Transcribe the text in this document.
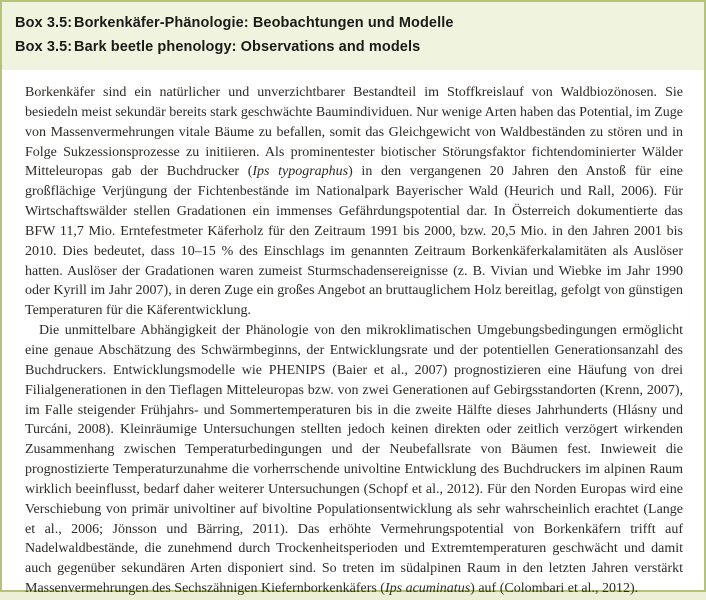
Box 3.5: Borkenkäfer-Phänologie: Beobachtungen und Modelle
Box 3.5: Bark beetle phenology: Observations and models

Borkenkäfer sind ein natürlicher und unverzichtbarer Bestandteil im Stoffkreislauf von Waldbiozönosen. Sie besiedeln meist sekundär bereits stark geschwächte Baumindividuen. Nur wenige Arten haben das Potential, im Zuge von Massenvermehrungen vitale Bäume zu befallen, somit das Gleichgewicht von Waldbeständen zu stören und in Folge Sukzessionsprozesse zu initiieren. Als prominentester biotischer Störungsfaktor fichtendominierter Wälder Mitteleuropas gab der Buchdrucker (Ips typographus) in den vergangenen 20 Jahren den Anstoß für eine großflächige Verjüngung der Fichtenbestände im Nationalpark Bayerischer Wald (Heurich und Rall, 2006). Für Wirtschaftswälder stellen Gradationen ein immenses Gefährdungspotential dar. In Österreich dokumentierte das BFW 11,7 Mio. Erntefestmeter Käferholz für den Zeitraum 1991 bis 2000, bzw. 20,5 Mio. in den Jahren 2001 bis 2010. Dies bedeutet, dass 10–15 % des Einschlags im genannten Zeitraum Borkenkäferkalamitäten als Auslöser hatten. Auslöser der Gradationen waren zumeist Sturmschadensereignisse (z. B. Vivian und Wiebke im Jahr 1990 oder Kyrill im Jahr 2007), in deren Zuge ein großes Angebot an bruttauglichem Holz bereitlag, gefolgt von günstigen Temperaturen für die Käferentwicklung.

Die unmittelbare Abhängigkeit der Phänologie von den mikroklimatischen Umgebungsbedingungen ermöglicht eine genaue Abschätzung des Schwärmbeginns, der Entwicklungsrate und der potentiellen Generationsanzahl des Buchdruckers. Entwicklungsmodelle wie PHENIPS (Baier et al., 2007) prognostizieren eine Häufung von drei Filialgenerationen in den Tieflagen Mitteleuropas bzw. von zwei Generationen auf Gebirgsstandorten (Krenn, 2007), im Falle steigender Frühjahrs- und Sommertemperaturen bis in die zweite Hälfte dieses Jahrhunderts (Hlásny und Turcáni, 2008). Kleinräumige Untersuchungen stellten jedoch keinen direkten oder zeitlich verzögert wirkenden Zusammenhang zwischen Temperaturbedingungen und der Neubefallsrate von Bäumen fest. Inwieweit die prognostizierte Temperaturzunahme die vorherrschende univoltine Entwicklung des Buchdruckers im alpinen Raum wirklich beeinflusst, bedarf daher weiterer Untersuchungen (Schopf et al., 2012). Für den Norden Europas wird eine Verschiebung von primär univoltiner auf bivoltine Populationsentwicklung als sehr wahrscheinlich erachtet (Lange et al., 2006; Jönsson und Bärring, 2011). Das erhöhte Vermehrungspotential von Borkenkäfern trifft auf Nadelwaldbestände, die zunehmend durch Trockenheitsperioden und Extremtemperaturen geschwächt und damit auch gegenüber sekundären Arten disponiert sind. So treten im südalpinen Raum in den letzten Jahren verstärkt Massenvermehrungen des Sechszähnigen Kiefernborkenkäfers (Ips acuminatus) auf (Colombari et al., 2012).
